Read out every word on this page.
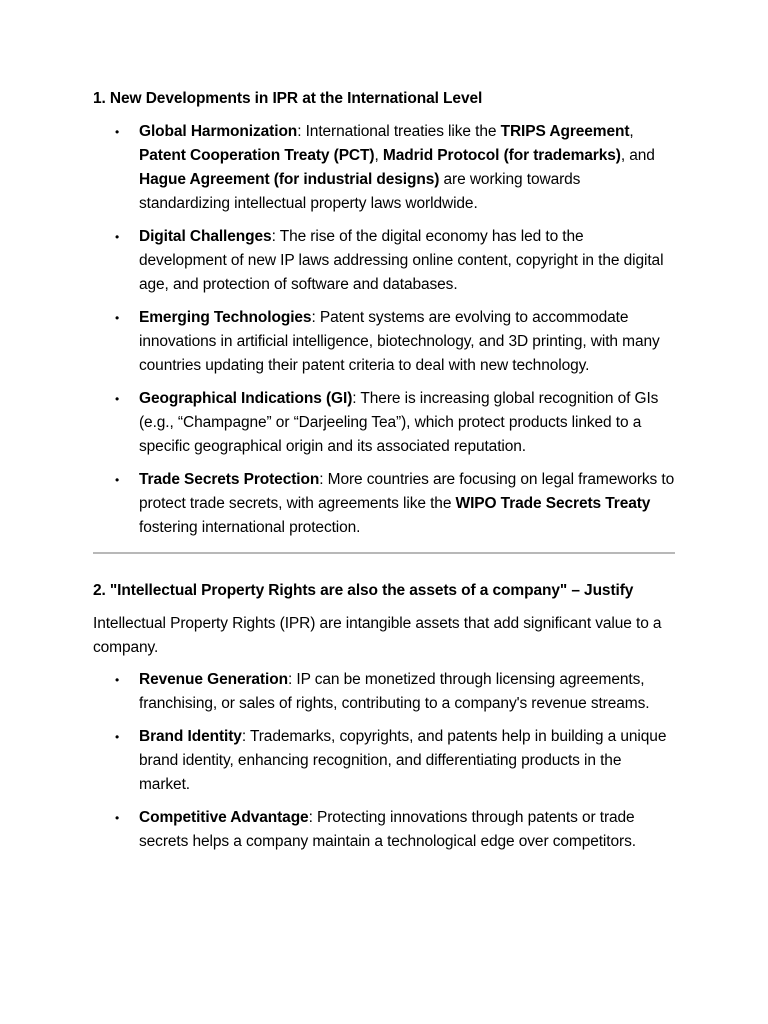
1. New Developments in IPR at the International Level
• Global Harmonization: International treaties like the TRIPS Agreement, Patent Cooperation Treaty (PCT), Madrid Protocol (for trademarks), and Hague Agreement (for industrial designs) are working towards standardizing intellectual property laws worldwide.
• Digital Challenges: The rise of the digital economy has led to the development of new IP laws addressing online content, copyright in the digital age, and protection of software and databases.
• Emerging Technologies: Patent systems are evolving to accommodate innovations in artificial intelligence, biotechnology, and 3D printing, with many countries updating their patent criteria to deal with new technology.
• Geographical Indications (GI): There is increasing global recognition of GIs (e.g., “Champagne” or “Darjeeling Tea”), which protect products linked to a specific geographical origin and its associated reputation.
• Trade Secrets Protection: More countries are focusing on legal frameworks to protect trade secrets, with agreements like the WIPO Trade Secrets Treaty fostering international protection.
2. "Intellectual Property Rights are also the assets of a company" – Justify
Intellectual Property Rights (IPR) are intangible assets that add significant value to a company.
• Revenue Generation: IP can be monetized through licensing agreements, franchising, or sales of rights, contributing to a company's revenue streams.
• Brand Identity: Trademarks, copyrights, and patents help in building a unique brand identity, enhancing recognition, and differentiating products in the market.
• Competitive Advantage: Protecting innovations through patents or trade secrets helps a company maintain a technological edge over competitors.
